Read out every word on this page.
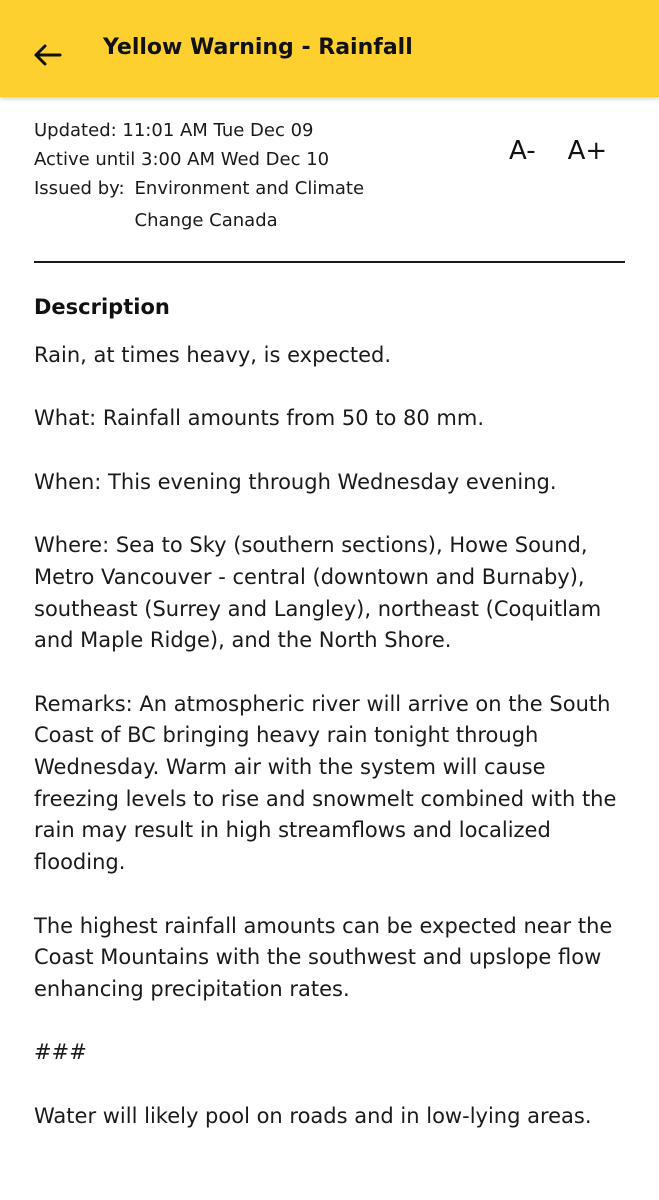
Yellow Warning - Rainfall
Updated: 11:01 AM Tue Dec 09
Active until 3:00 AM Wed Dec 10
Issued by: Environment and Climate Change Canada
A- A+
Description

Rain, at times heavy, is expected.

What: Rainfall amounts from 50 to 80 mm.

When: This evening through Wednesday evening.

Where: Sea to Sky (southern sections), Howe Sound, Metro Vancouver - central (downtown and Burnaby), southeast (Surrey and Langley), northeast (Coquitlam and Maple Ridge), and the North Shore.

Remarks: An atmospheric river will arrive on the South Coast of BC bringing heavy rain tonight through Wednesday. Warm air with the system will cause freezing levels to rise and snowmelt combined with the rain may result in high streamflows and localized flooding.

The highest rainfall amounts can be expected near the Coast Mountains with the southwest and upslope flow enhancing precipitation rates.

###

Water will likely pool on roads and in low-lying areas.
